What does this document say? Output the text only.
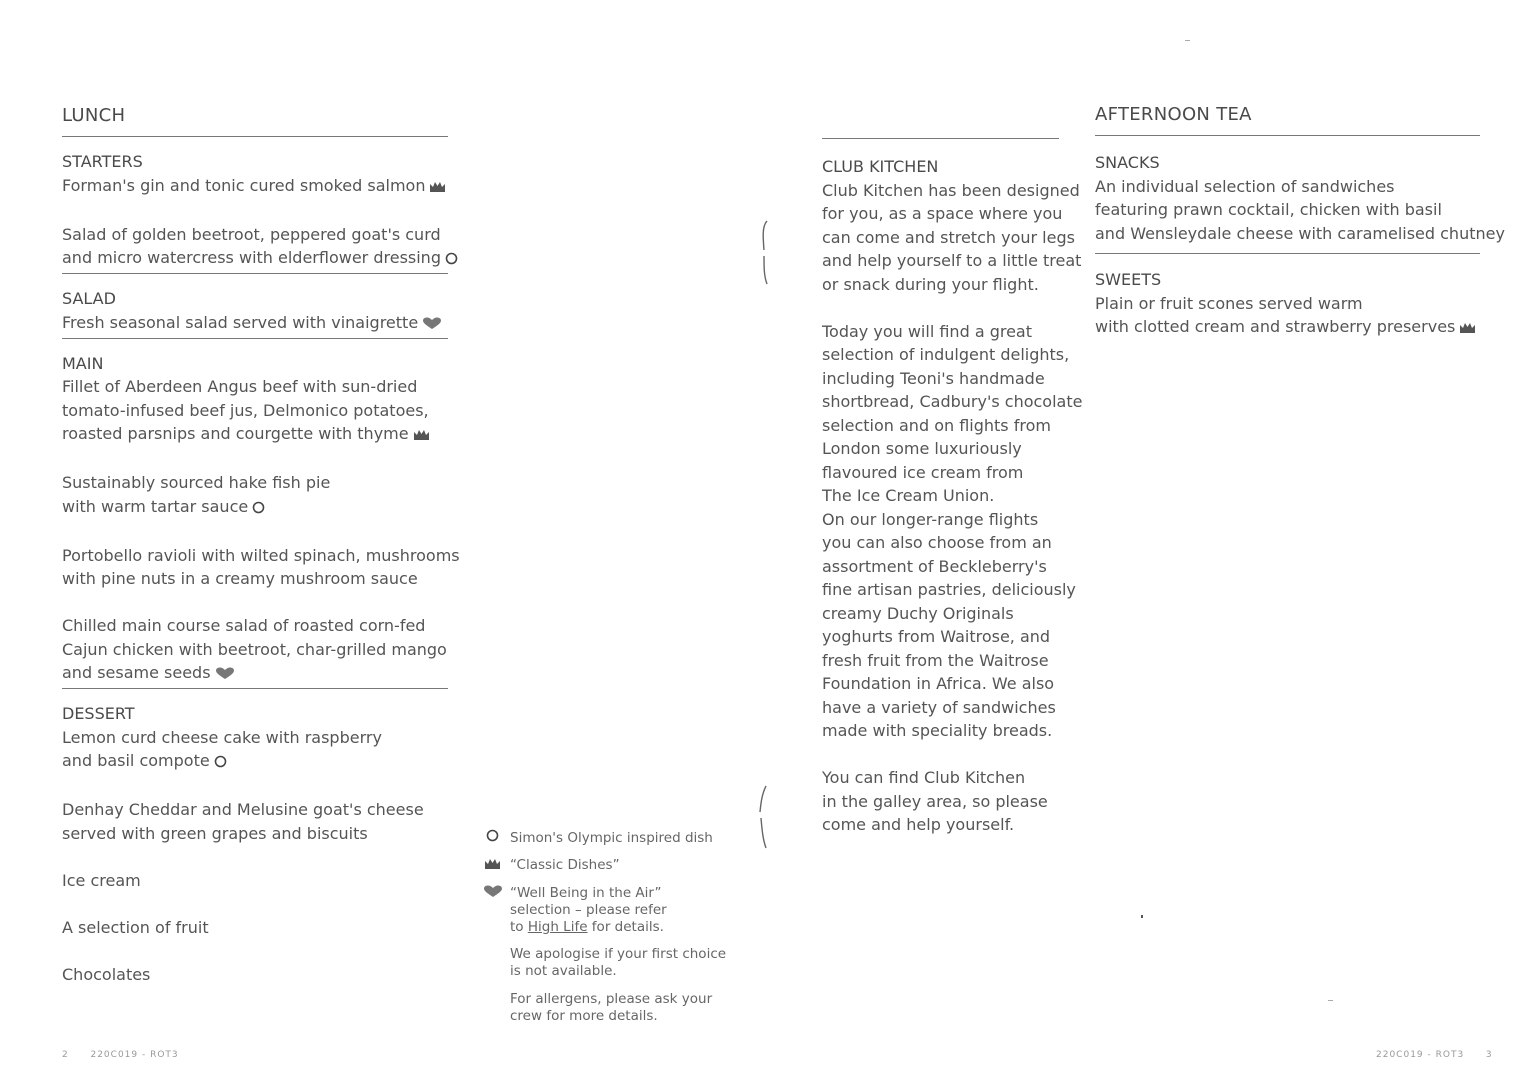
LUNCH
STARTERS
Forman's gin and tonic cured smoked salmon
Salad of golden beetroot, peppered goat's curd
and micro watercress with elderflower dressing
SALAD
Fresh seasonal salad served with vinaigrette
MAIN
Fillet of Aberdeen Angus beef with sun-dried
tomato-infused beef jus, Delmonico potatoes,
roasted parsnips and courgette with thyme
Sustainably sourced hake fish pie
with warm tartar sauce
Portobello ravioli with wilted spinach, mushrooms
with pine nuts in a creamy mushroom sauce
Chilled main course salad of roasted corn-fed
Cajun chicken with beetroot, char-grilled mango
and sesame seeds
DESSERT
Lemon curd cheese cake with raspberry
and basil compote
Denhay Cheddar and Melusine goat's cheese
served with green grapes and biscuits
Ice cream
A selection of fruit
Chocolates
Simon's Olympic inspired dish
“Classic Dishes”
“Well Being in the Air”
selection – please refer
to High Life for details.
We apologise if your first choice
is not available.
For allergens, please ask your
crew for more details.
CLUB KITCHEN
Club Kitchen has been designed
for you, as a space where you
can come and stretch your legs
and help yourself to a little treat
or snack during your flight.
Today you will find a great
selection of indulgent delights,
including Teoni's handmade
shortbread, Cadbury's chocolate
selection and on flights from
London some luxuriously
flavoured ice cream from
The Ice Cream Union.
On our longer-range flights
you can also choose from an
assortment of Beckleberry's
fine artisan pastries, deliciously
creamy Duchy Originals
yoghurts from Waitrose, and
fresh fruit from the Waitrose
Foundation in Africa. We also
have a variety of sandwiches
made with speciality breads.
You can find Club Kitchen
in the galley area, so please
come and help yourself.
AFTERNOON TEA
SNACKS
An individual selection of sandwiches
featuring prawn cocktail, chicken with basil
and Wensleydale cheese with caramelised chutney
SWEETS
Plain or fruit scones served warm
with clotted cream and strawberry preserves
2 220C019 - ROT3	220C019 - ROT3 3
